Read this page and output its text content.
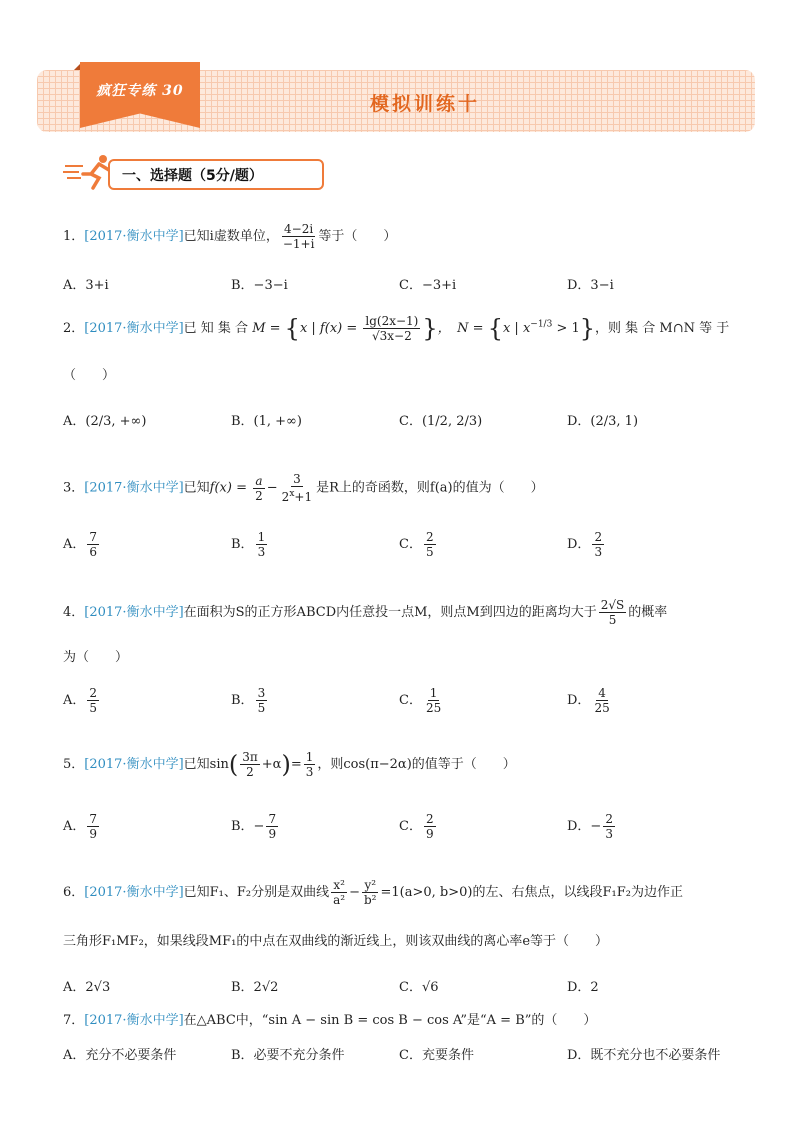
疯狂专练 30
模拟训练十
一、选择题（5分/题）
1．[2017·衡水中学]已知i虚数单位， $\frac{4-2i}{-1+i}$ 等于（　　）
A．3+i	B．−3−i	C．−3+i	D．3−i
2．[2017·衡水中学]已 知 集 合 M = {x | $f(x) = \frac{\lg(2x-1)}{√3x-2}$ }，　N = {x | $x^{-1/3} > 1$}，则 集 合 M∩N 等 于
（　　）
A．(2/3, +∞)	B．(1, +∞)	C．(1/2, 2/3)	D．(2/3, 1)
3．[2017·衡水中学]已知$f(x) = \frac{a}{2} - \frac{3}{2^x+1}$ 是R上的奇函数，则f(a)的值为（　　）
A． $\frac{7}{6}$	B． $\frac{1}{3}$	C． $\frac{2}{5}$	D． $\frac{2}{3}$
4．[2017·衡水中学]在面积为S的正方形ABCD内任意投一点M，则点M到四边的距离均大于 $\frac{2√S}{5}$ 的概率
为（　　）
A． $\frac{2}{5}$	B． $\frac{3}{5}$	C． $\frac{1}{25}$	D． $\frac{4}{25}$
5．[2017·衡水中学]已知$\sin( \frac{3\pi}{2} +\alpha)= \frac{1}{3}$ ，则cos(π−2α)的值等于（　　）
A． $\frac{7}{9}$	B．− $\frac{7}{9}$	C． $\frac{2}{9}$	D．− $\frac{2}{3}$
6．[2017·衡水中学]已知F₁、F₂分别是双曲线 $\frac{\text{x²}}{\text{a²}} - \frac{\text{y²}}{\text{b²}} =1(a>0$, b>0)的左、右焦点，以线段F₁F₂为边作正
三角形F₁MF₂，如果线段MF₁的中点在双曲线的渐近线上，则该双曲线的离心率e等于（　　）
A．2√3	B．2√2	C．√6	D．2
7．[2017·衡水中学]在△ABC中，“sin A − sin B = cos B − cos A”是“A = B”的（　　）
A．充分不必要条件	B．必要不充分条件	C．充要条件	D．既不充分也不必要条件
